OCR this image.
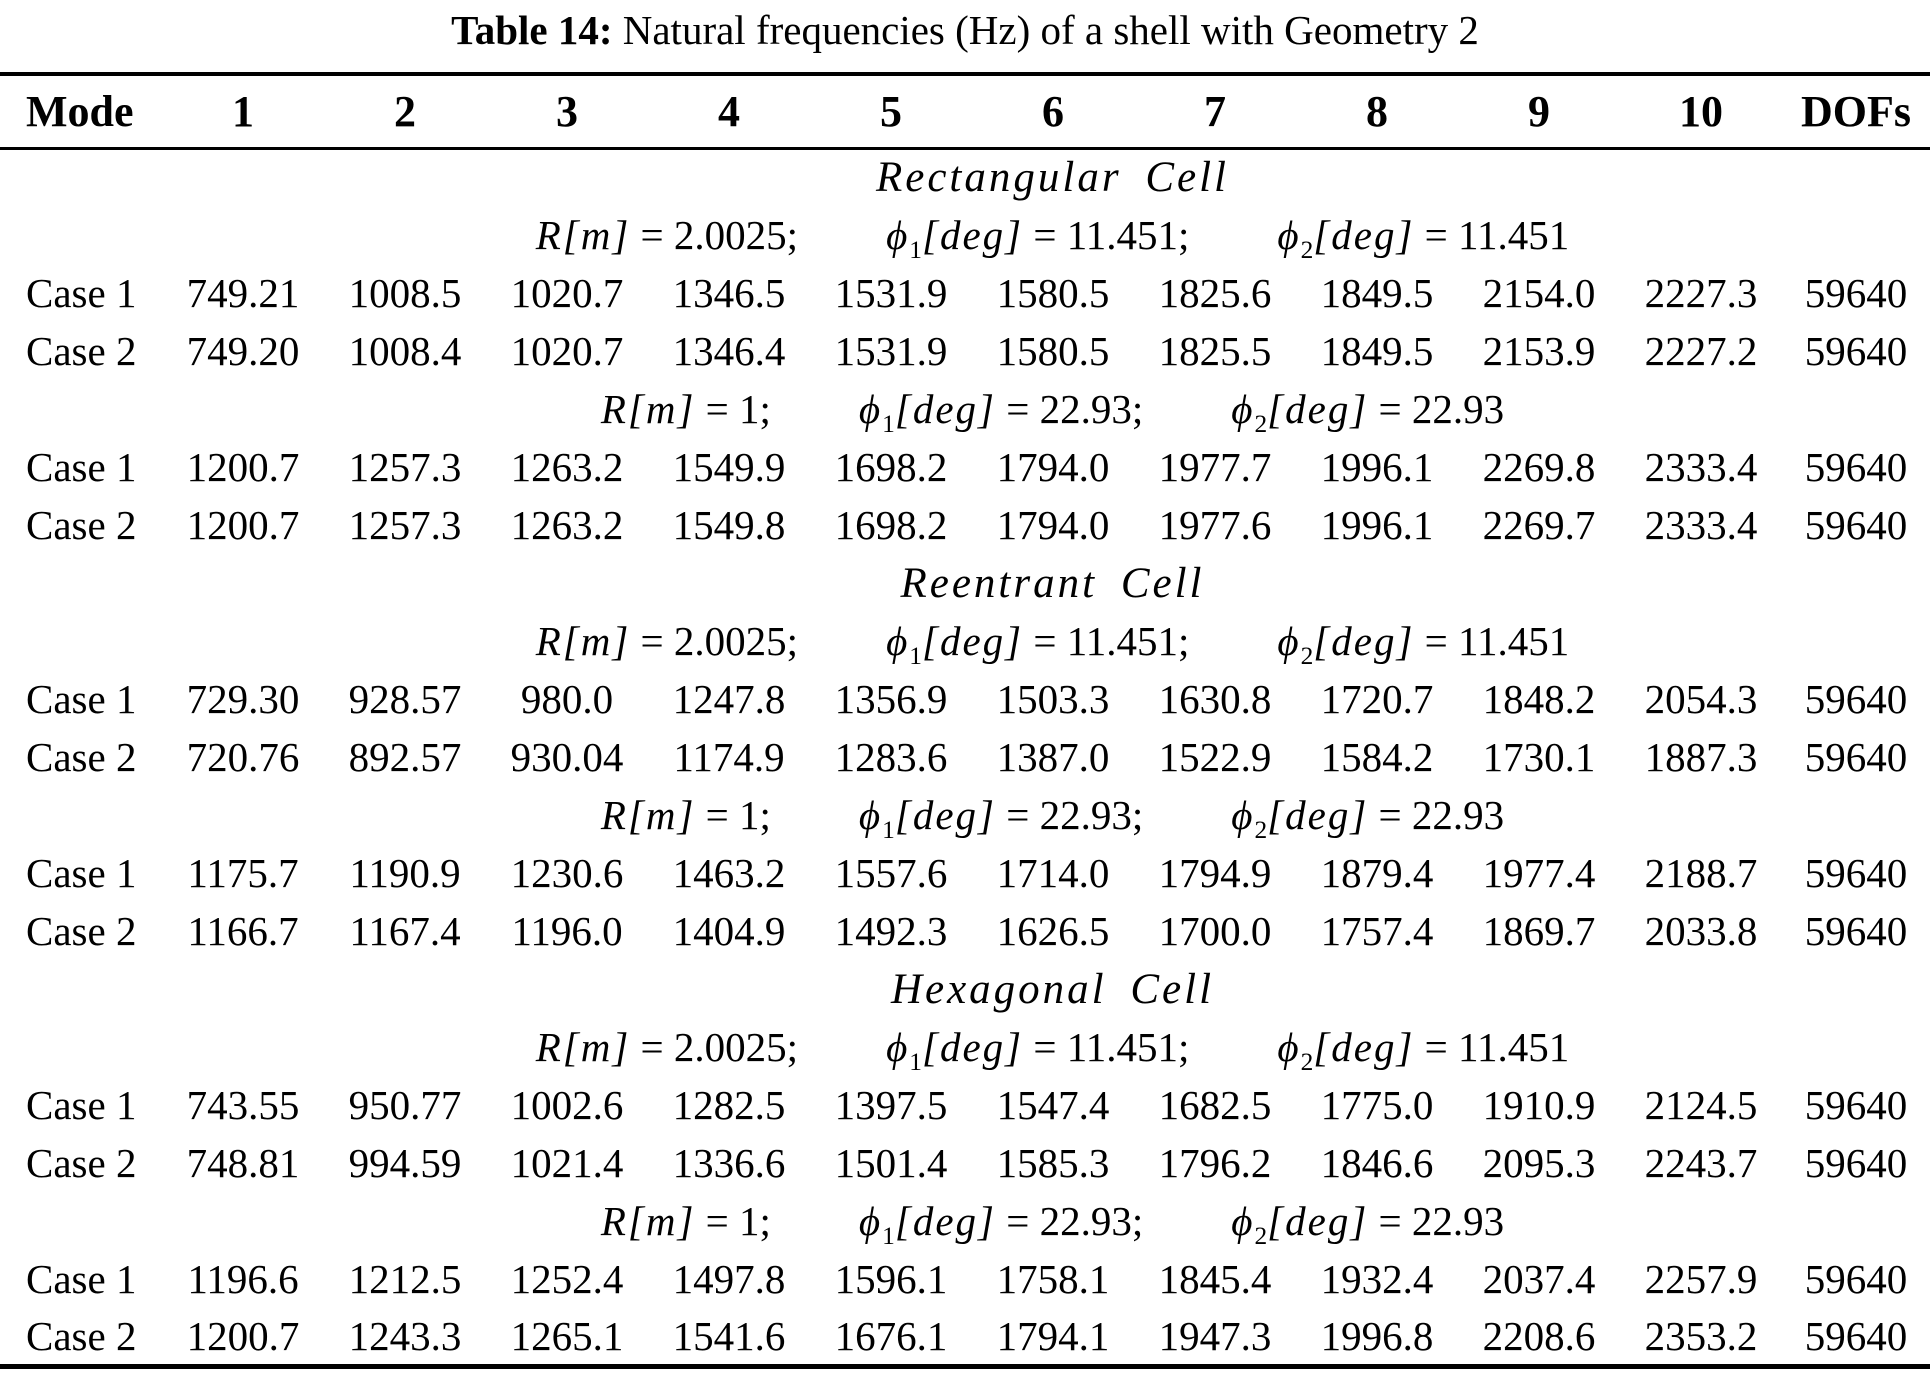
Table 14: Natural frequencies (Hz) of a shell with Geometry 2
Mode	1	2	3	4	5	6	7	8	9	10	DOFs
Rectangular Cell											
R[m] = 2.0025; $\phi_1[deg] = 11.451$; $\phi_2[deg] = 11.451$											
Case 1	749.21	1008.5	1020.7	1346.5	1531.9	1580.5	1825.6	1849.5	2154.0	2227.3	59640
Case 2	749.20	1008.4	1020.7	1346.4	1531.9	1580.5	1825.5	1849.5	2153.9	2227.2	59640
R[m] = 1; $\phi_1[deg] = 22.93$; $\phi_2[deg] = 22.93$											
Case 1	1200.7	1257.3	1263.2	1549.9	1698.2	1794.0	1977.7	1996.1	2269.8	2333.4	59640
Case 2	1200.7	1257.3	1263.2	1549.8	1698.2	1794.0	1977.6	1996.1	2269.7	2333.4	59640
Reentrant Cell											
R[m] = 2.0025; $\phi_1[deg] = 11.451$; $\phi_2[deg] = 11.451$											
Case 1	729.30	928.57	980.0	1247.8	1356.9	1503.3	1630.8	1720.7	1848.2	2054.3	59640
Case 2	720.76	892.57	930.04	1174.9	1283.6	1387.0	1522.9	1584.2	1730.1	1887.3	59640
R[m] = 1; $\phi_1[deg] = 22.93$; $\phi_2[deg] = 22.93$											
Case 1	1175.7	1190.9	1230.6	1463.2	1557.6	1714.0	1794.9	1879.4	1977.4	2188.7	59640
Case 2	1166.7	1167.4	1196.0	1404.9	1492.3	1626.5	1700.0	1757.4	1869.7	2033.8	59640
Hexagonal Cell											
R[m] = 2.0025; $\phi_1[deg] = 11.451$; $\phi_2[deg] = 11.451$											
Case 1	743.55	950.77	1002.6	1282.5	1397.5	1547.4	1682.5	1775.0	1910.9	2124.5	59640
Case 2	748.81	994.59	1021.4	1336.6	1501.4	1585.3	1796.2	1846.6	2095.3	2243.7	59640
R[m] = 1; $\phi_1[deg] = 22.93$; $\phi_2[deg] = 22.93$											
Case 1	1196.6	1212.5	1252.4	1497.8	1596.1	1758.1	1845.4	1932.4	2037.4	2257.9	59640
Case 2	1200.7	1243.3	1265.1	1541.6	1676.1	1794.1	1947.3	1996.8	2208.6	2353.2	59640
